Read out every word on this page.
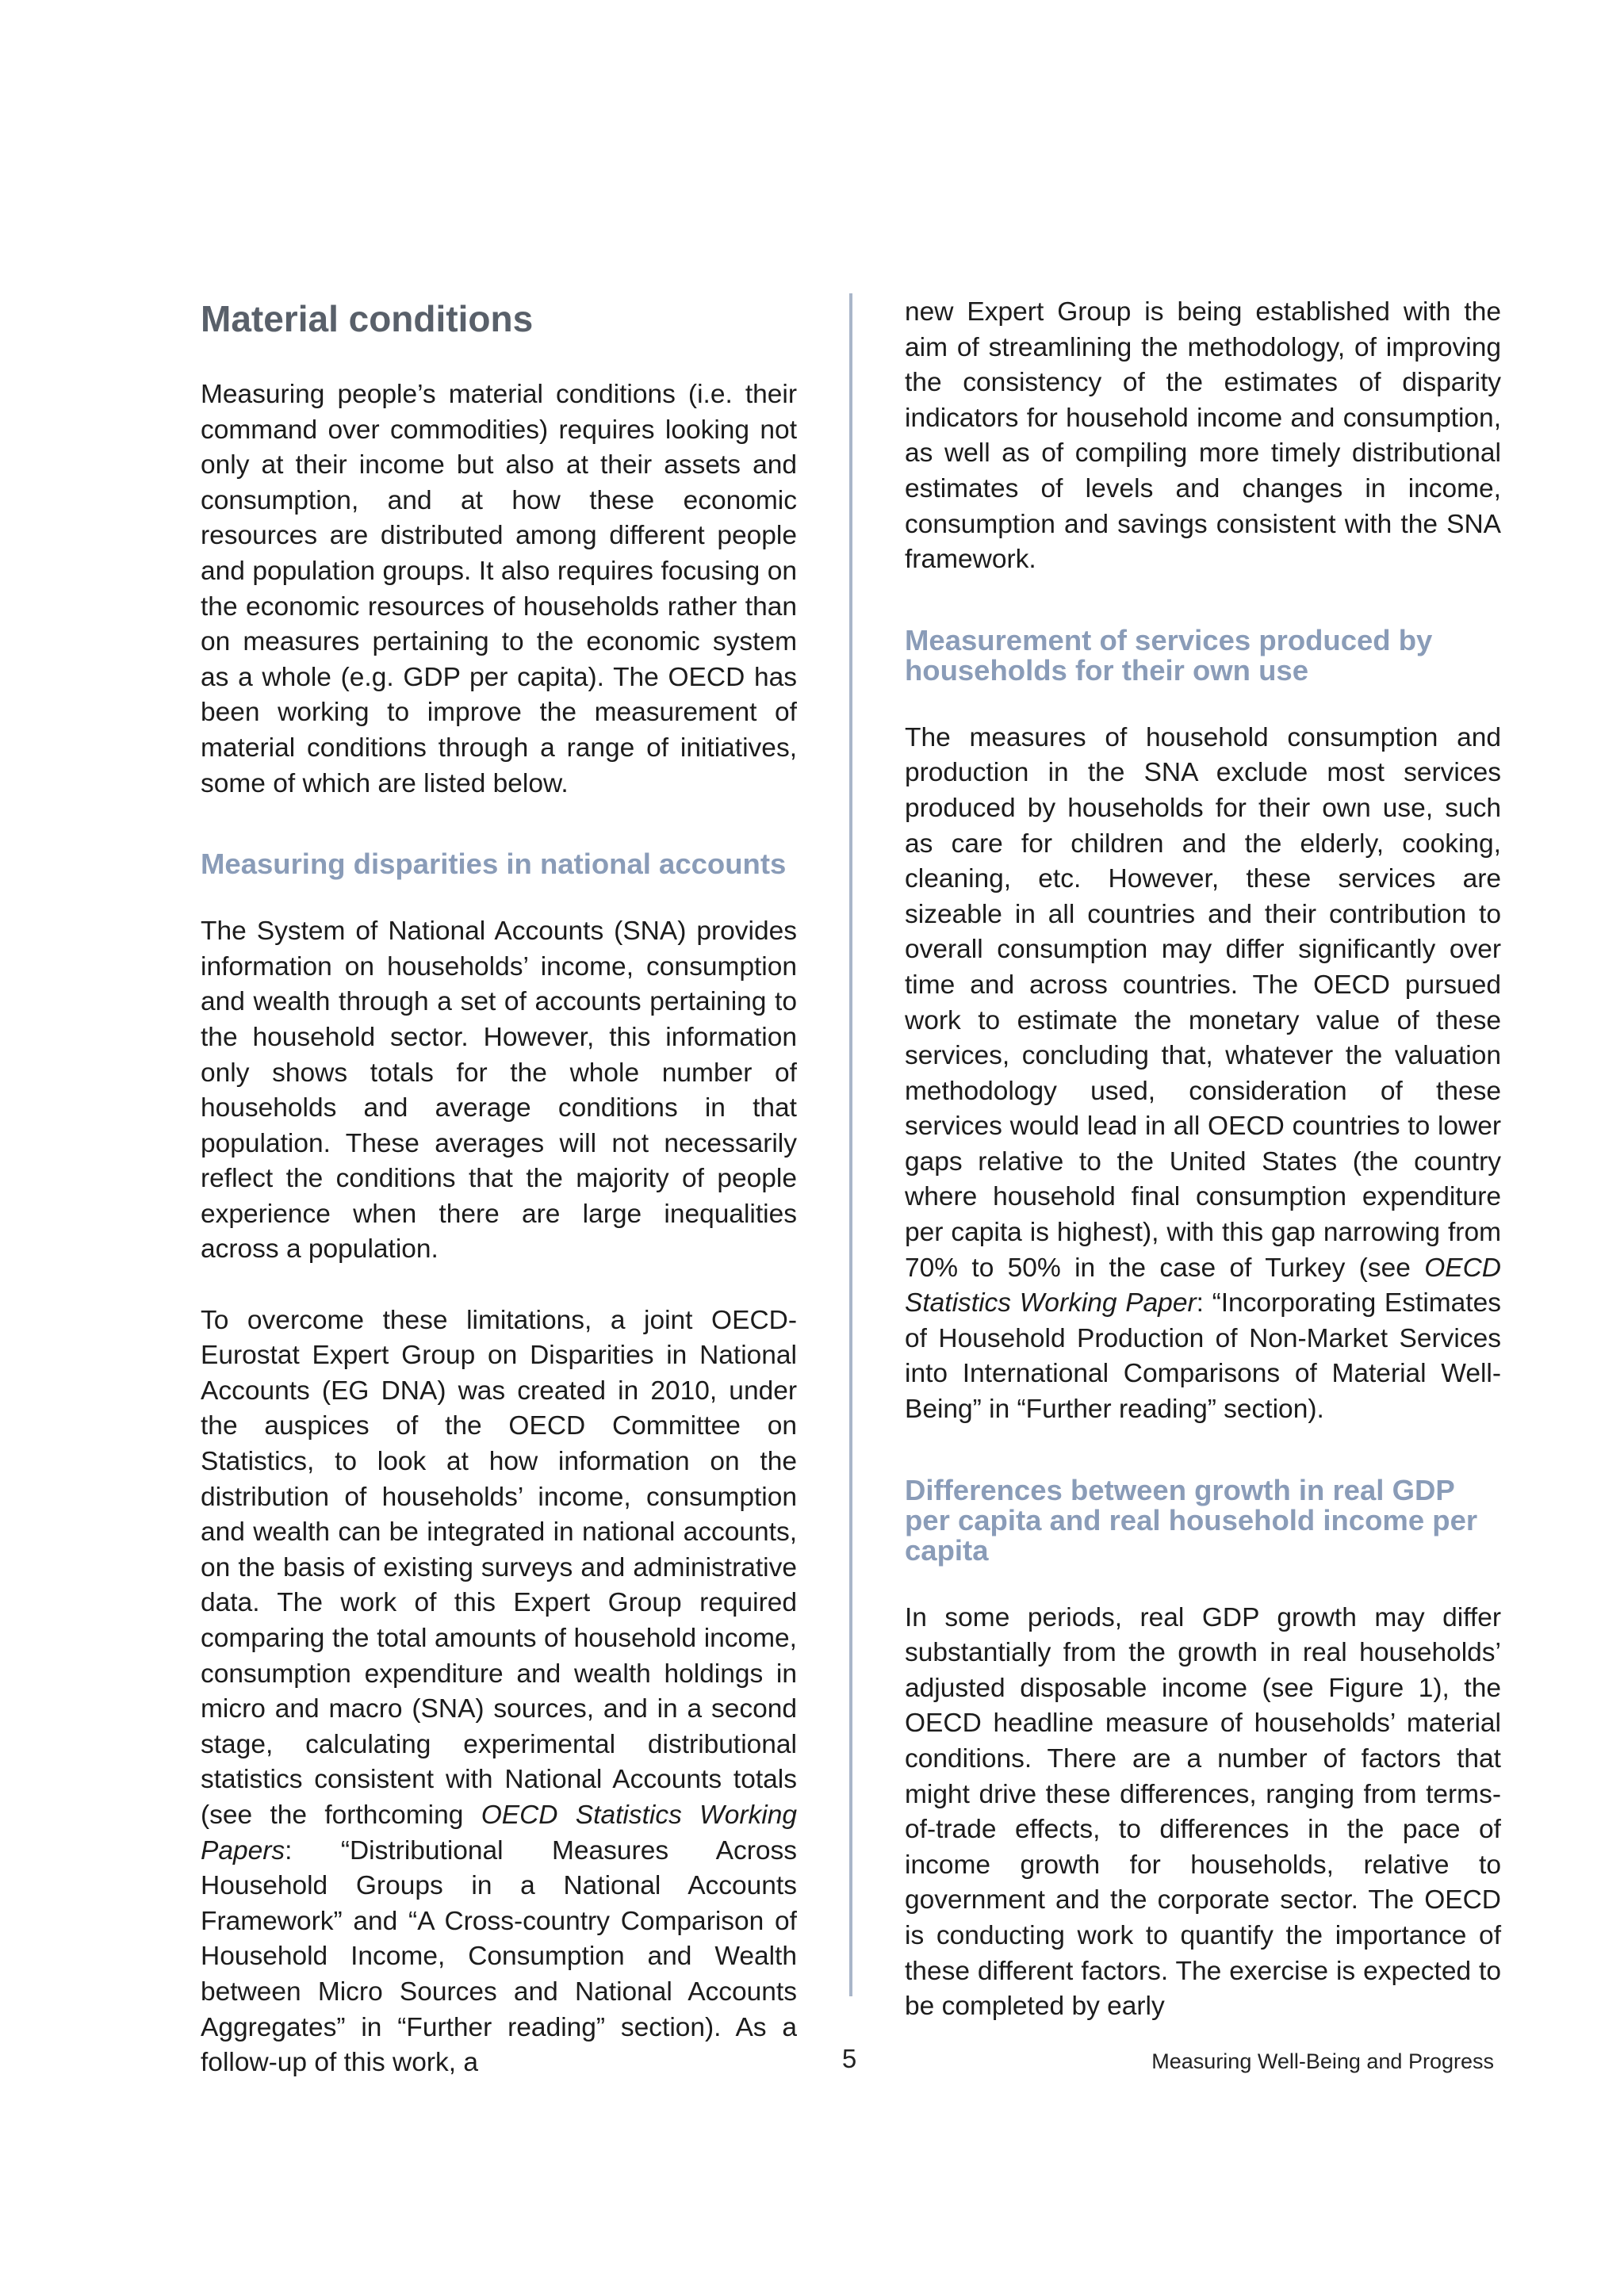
Material conditions

Measuring people’s material conditions (i.e. their command over commodities) requires looking not only at their income but also at their assets and consumption, and at how these economic resources are distributed among different people and population groups. It also requires focusing on the economic resources of households rather than on measures pertaining to the economic system as a whole (e.g. GDP per capita). The OECD has been working to improve the measurement of material conditions through a range of initiatives, some of which are listed below.

Measuring disparities in national accounts

The System of National Accounts (SNA) provides information on households’ income, consumption and wealth through a set of accounts pertaining to the household sector. However, this information only shows totals for the whole number of households and average conditions in that population. These averages will not necessarily reflect the conditions that the majority of people experience when there are large inequalities across a population.

To overcome these limitations, a joint OECD-Eurostat Expert Group on Disparities in National Accounts (EG DNA) was created in 2010, under the auspices of the OECD Committee on Statistics, to look at how information on the distribution of households’ income, consumption and wealth can be integrated in national accounts, on the basis of existing surveys and administrative data. The work of this Expert Group required comparing the total amounts of household income, consumption expenditure and wealth holdings in micro and macro (SNA) sources, and in a second stage, calculating experimental distributional statistics consistent with National Accounts totals (see the forthcoming OECD Statistics Working Papers: “Distributional Measures Across Household Groups in a National Accounts Framework” and “A Cross-country Comparison of Household Income, Consumption and Wealth between Micro Sources and National Accounts Aggregates” in “Further reading” section). As a follow-up of this work, a

new Expert Group is being established with the aim of streamlining the methodology, of improving the consistency of the estimates of disparity indicators for household income and consumption, as well as of compiling more timely distributional estimates of levels and changes in income, consumption and savings consistent with the SNA framework.

Measurement of services produced by households for their own use

The measures of household consumption and production in the SNA exclude most services produced by households for their own use, such as care for children and the elderly, cooking, cleaning, etc. However, these services are sizeable in all countries and their contribution to overall consumption may differ significantly over time and across countries. The OECD pursued work to estimate the monetary value of these services, concluding that, whatever the valuation methodology used, consideration of these services would lead in all OECD countries to lower gaps relative to the United States (the country where household final consumption expenditure per capita is highest), with this gap narrowing from 70% to 50% in the case of Turkey (see OECD Statistics Working Paper: “Incorporating Estimates of Household Production of Non-Market Services into International Comparisons of Material Well-Being” in “Further reading” section).

Differences between growth in real GDP per capita and real household income per capita

In some periods, real GDP growth may differ substantially from the growth in real households’ adjusted disposable income (see Figure 1), the OECD headline measure of households’ material conditions. There are a number of factors that might drive these differences, ranging from terms-of-trade effects, to differences in the pace of income growth for households, relative to government and the corporate sector. The OECD is conducting work to quantify the importance of these different factors. The exercise is expected to be completed by early

5	Measuring Well-Being and Progress
